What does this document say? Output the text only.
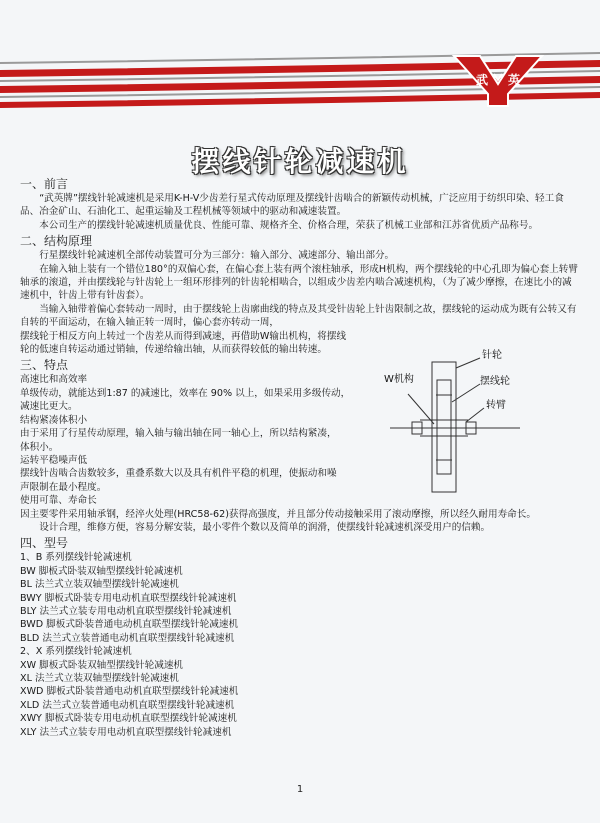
武 英
摆线针轮减速机
一、前言
“武英牌”摆线针轮减速机是采用K-H-V少齿差行星式传动原理及摆线针齿啮合的新颖传动机械，广泛应用于纺织印染、轻工食品、冶金矿山、石油化工、起重运输及工程机械等领域中的驱动和减速装置。
本公司生产的摆线针轮减速机质量优良、性能可靠、规格齐全、价格合理，荣获了机械工业部和江苏省优质产品称号。
二、结构原理
行星摆线针轮减速机全部传动装置可分为三部分：输入部分、减速部分、输出部分。
在输入轴上装有一个错位180°的双偏心套，在偏心套上装有两个滚柱轴承，形成H机构，两个摆线轮的中心孔即为偏心套上转臂轴承的滚道，并由摆线轮与针齿轮上一组环形排列的针齿轮相啮合，以组成少齿差内啮合减速机构，（为了减少摩擦，在速比小的减速机中，针齿上带有针齿套）。
当输入轴带着偏心套转动一周时，由于摆线轮上齿廓曲线的特点及其受针齿轮上针齿限制之故，摆线轮的运动成为既有公转又有自转的平面运动，在输入轴正转一周时，偏心套亦转动一周，
摆线轮于相反方向上转过一个齿差从而得到减速，再借助W输出机构，将摆线
轮的低速自转运动通过销轴，传递给输出轴，从而获得较低的输出转速。
三、特点
高速比和高效率
单级传动，就能达到1:87 的减速比，效率在 90% 以上，如果采用多级传动，
减速比更大。
结构紧凑体积小
由于采用了行星传动原理，输入轴与输出轴在同一轴心上，所以结构紧凑，
体积小。
运转平稳噪声低
摆线针齿啮合齿数较多，重叠系数大以及具有机件平稳的机理，使振动和噪
声限制在最小程度。
使用可靠、寿命长
因主要零件采用轴承钢，经淬火处理(HRC58-62)获得高强度，并且部分传动接触采用了滚动摩擦，所以经久耐用寿命长。
设计合理，维修方便，容易分解安装，最小零件个数以及简单的润滑，使摆线针轮减速机深受用户的信赖。
四、型号
1、B 系列摆线针轮减速机
BW 脚板式卧装双轴型摆线针轮减速机
BL 法兰式立装双轴型摆线针轮减速机
BWY 脚板式卧装专用电动机直联型摆线针轮减速机
BLY 法兰式立装专用电动机直联型摆线针轮减速机
BWD 脚板式卧装普通电动机直联型摆线针轮减速机
BLD 法兰式立装普通电动机直联型摆线针轮减速机
2、X 系列摆线针轮减速机
XW 脚板式卧装双轴型摆线针轮减速机
XL 法兰式立装双轴型摆线针轮减速机
XWD 脚板式卧装普通电动机直联型摆线针轮减速机
XLD 法兰式立装普通电动机直联型摆线针轮减速机
XWY 脚板式卧装专用电动机直联型摆线针轮减速机
XLY 法兰式立装专用电动机直联型摆线针轮减速机
针轮
W机构	摆线轮
转臂
1
